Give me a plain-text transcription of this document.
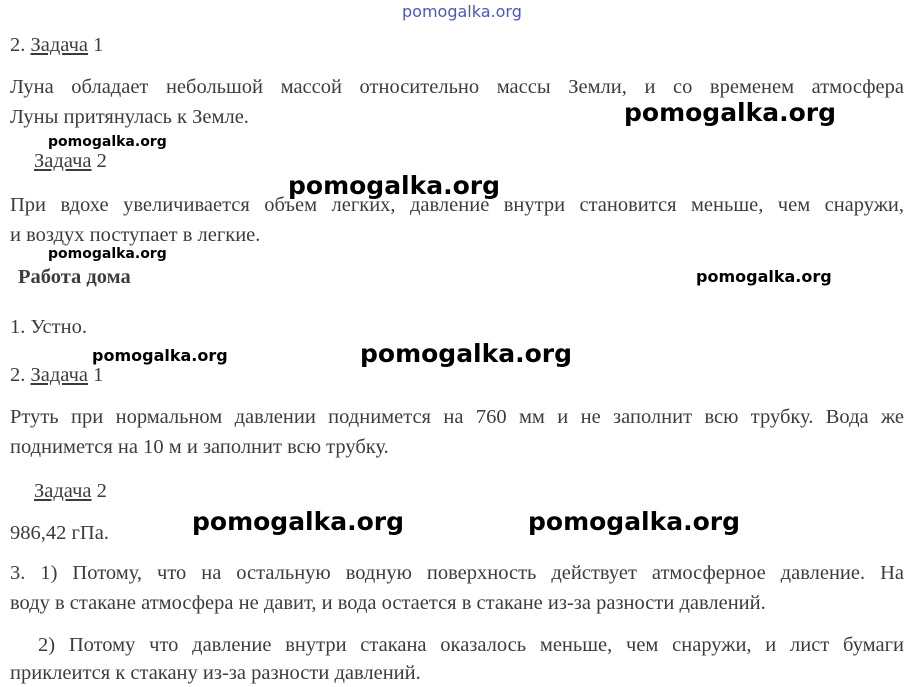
pomogalka.org
2. Задача 1
Луна обладает небольшой массой относительно массы Земли, и со временем атмосфера
Луны притянулась к Земле.
Задача 2
При вдохе увеличивается объем легких, давление внутри становится меньше, чем снаружи,
и воздух поступает в легкие.
Работа дома
1. Устно.
2. Задача 1
Ртуть при нормальном давлении поднимется на 760 мм и не заполнит всю трубку. Вода же
поднимется на 10 м и заполнит всю трубку.
Задача 2
986,42 гПа.
3. 1) Потому, что на остальную водную поверхность действует атмосферное давление. На
воду в стакане атмосфера не давит, и вода остается в стакане из-за разности давлений.
2) Потому что давление внутри стакана оказалось меньше, чем снаружи, и лист бумаги
приклеится к стакану из-за разности давлений.
pomogalka.org
pomogalka.org
pomogalka.org
pomogalka.org
pomogalka.org
pomogalka.org	pomogalka.org
pomogalka.org	pomogalka.org
